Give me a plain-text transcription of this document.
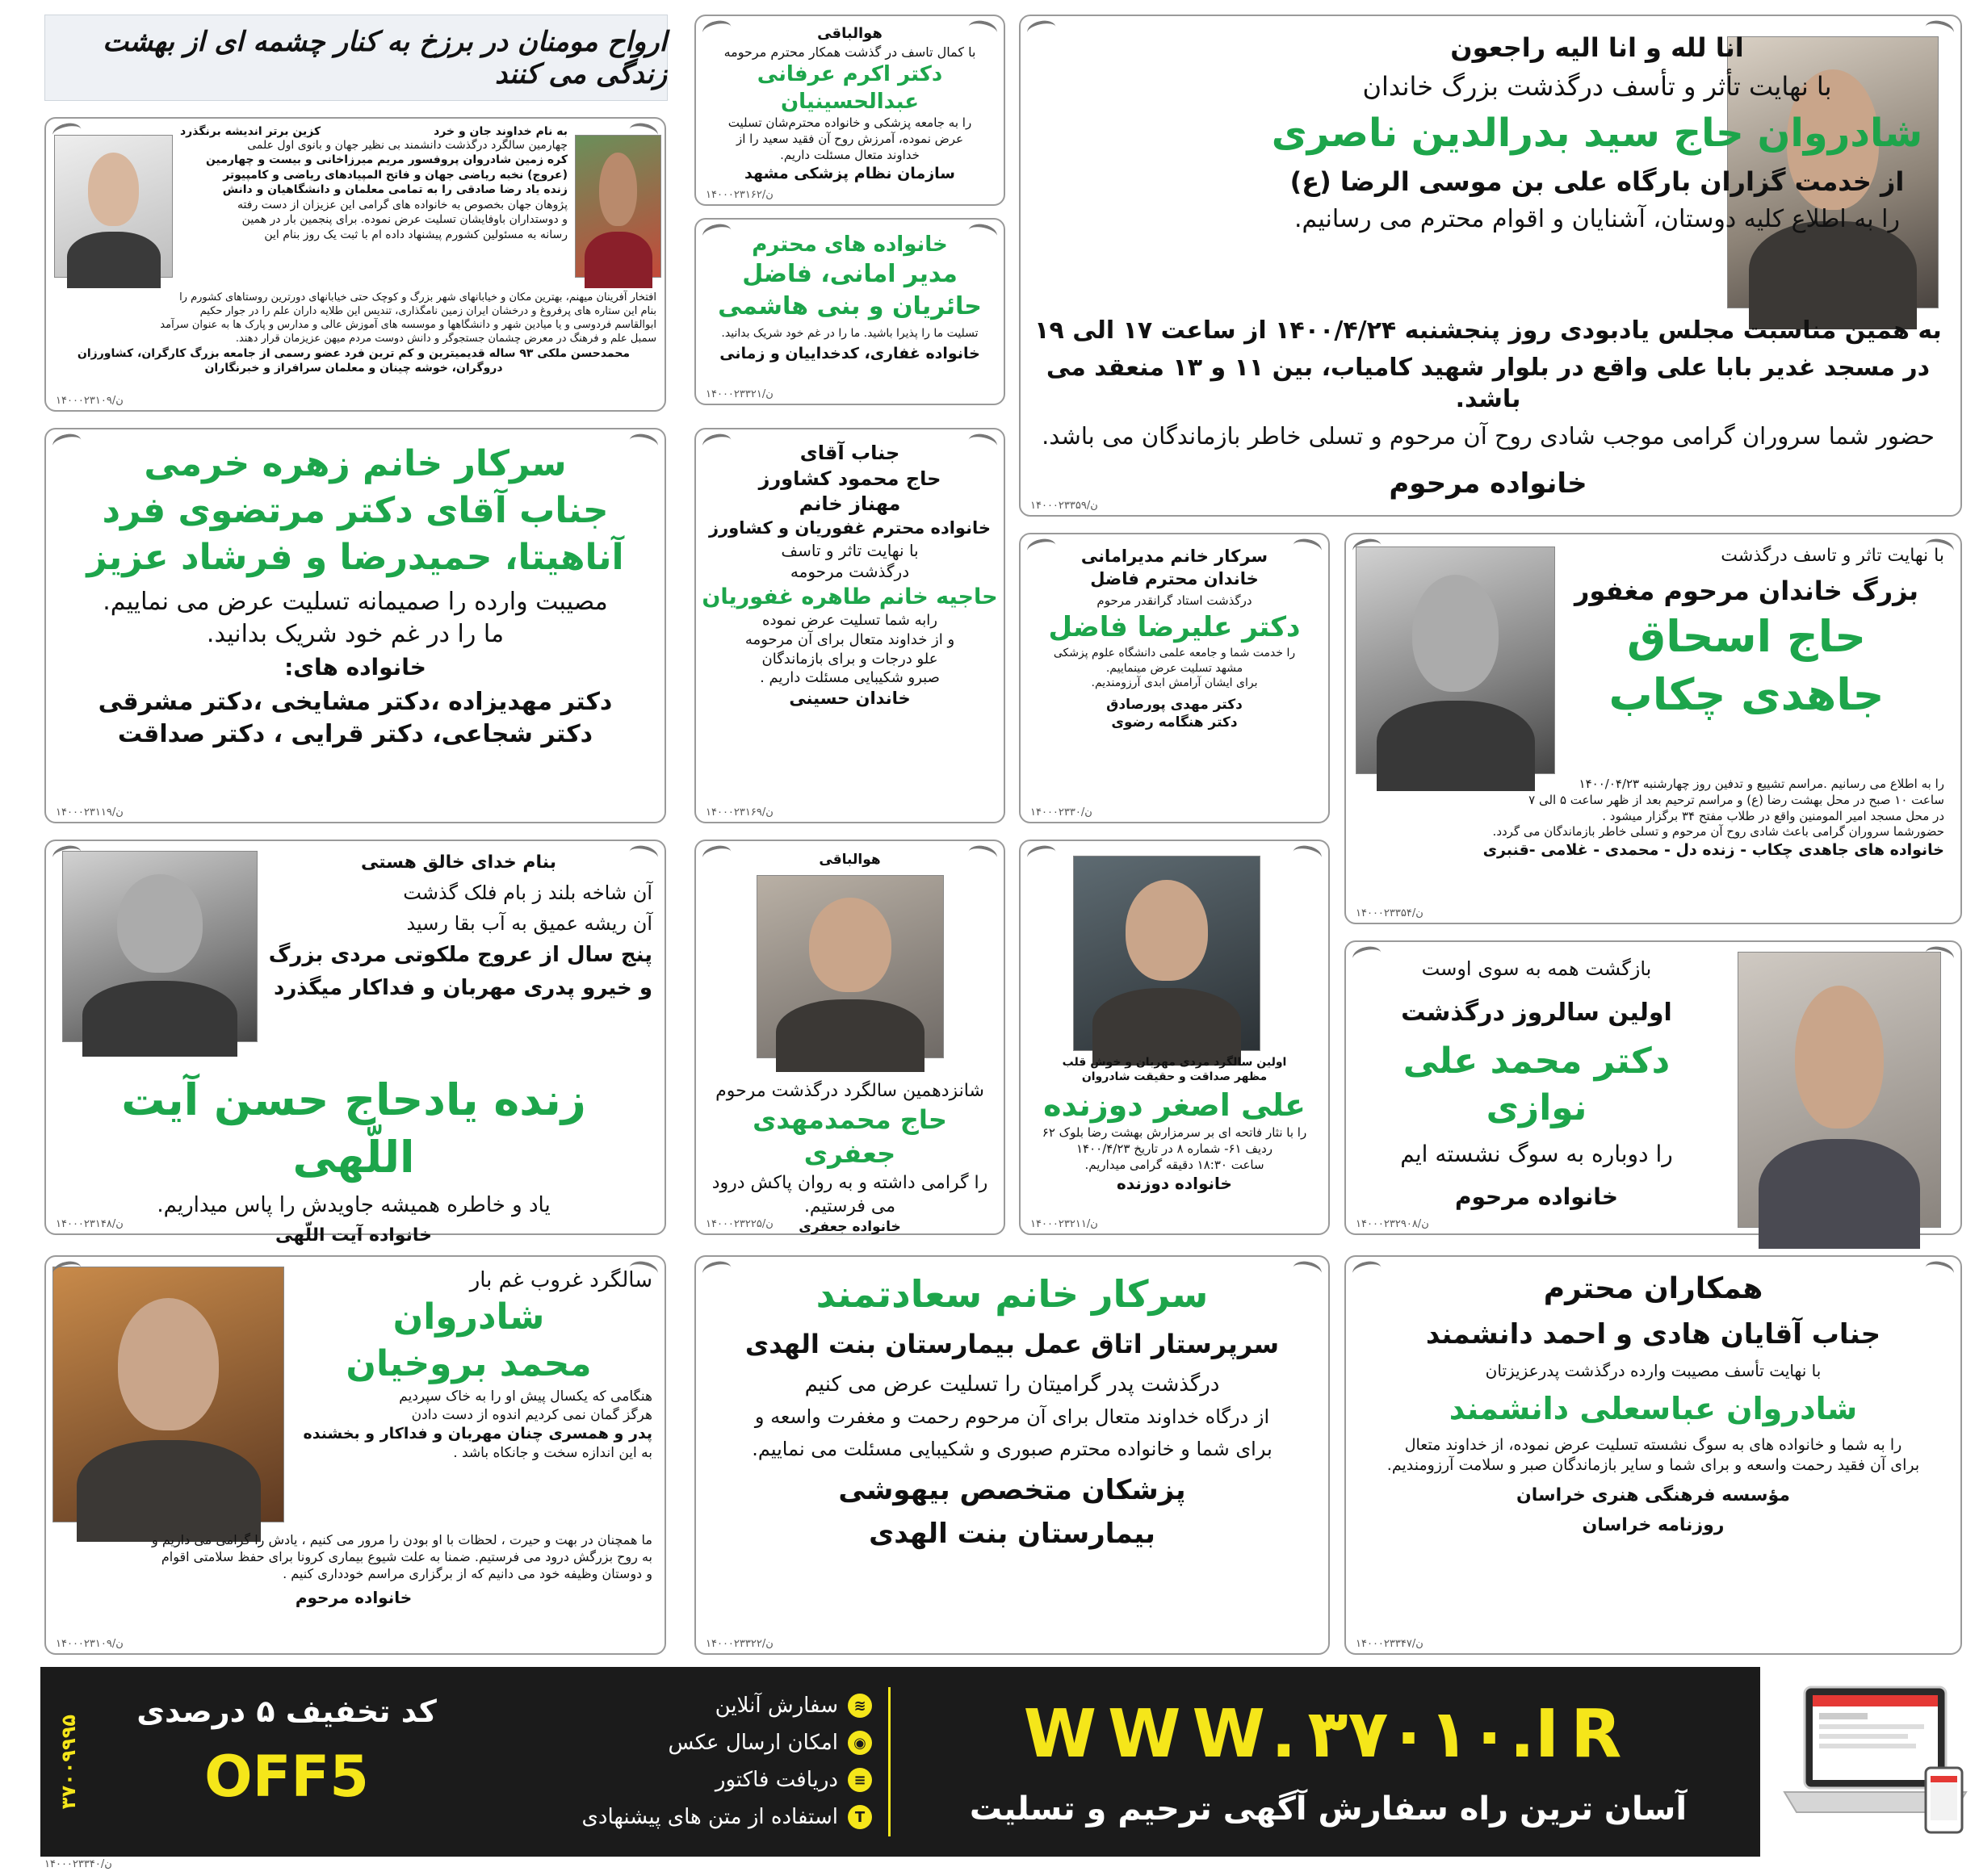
ارواح مومنان در برزخ به کنار چشمه ای از بهشت زندگی می کنند
انا لله و انا الیه راجعون
با نهایت تأثر و تأسف درگذشت بزرگ خاندان
شادروان حاج سید بدرالدین ناصری
از خدمت گزاران بارگاه علی بن موسی الرضا (ع)
را به اطلاع کلیه دوستان، آشنایان و اقوام محترم می رسانیم.
به همین مناسبت مجلس یادبودی روز پنجشنبه ۱۴۰۰/۴/۲۴ از ساعت ۱۷ الی ۱۹
در مسجد غدیر بابا علی واقع در بلوار شهید کامیاب، بین ۱۱ و ۱۳ منعقد می باشد.
حضور شما سروران گرامی موجب شادی روح آن مرحوم و تسلی خاطر بازماندگان می باشد.
خانواده مرحوم
۱۴۰۰۰۲۳۳۵۹/ن
هوالباقی
با کمال تاسف در گذشت همکار محترم مرحومه
دکتر اکرم عرفانی عبدالحسینیان
را به جامعه پزشکی و خانواده محترم‌شان تسلیت
عرض نموده، آمرزش روح آن فقید سعید را از
خداوند متعال مسئلت داریم.
سازمان نظام پزشکی مشهد
۱۴۰۰۰۲۳۱۶۲/ن
خانواده های محترم
مدیر امانی، فاضل
حائریان و بنی هاشمی
تسلیت ما را پذیرا باشید. ما را در غم خود شریک بدانید.
خانواده غفاری، کدخداییان و زمانی
۱۴۰۰۰۲۳۳۲۱/ن
به نام خداوند جان و خرد
کزین برتر اندیشه برنگذرد
چهارمین سالگرد درگذشت دانشمند بی نظیر جهان و بانوی اول علمی
کره زمین شادروان پروفسور مریم میرزاخانی و بیست و چهارمین
(عروج) نخبه ریاضی جهان و فاتح المپیادهای ریاضی و کامپیوتر
زنده یاد رضا صادقی را به تمامی معلمان و دانشگاهیان و دانش
پژوهان جهان بخصوص به خانواده های گرامی این عزیزان از دست رفته
و دوستداران باوفایشان تسلیت عرض نموده. برای پنجمین بار در همین
رسانه به مسئولین کشورم پیشنهاد داده ام با ثبت یک روز بنام این
افتخار آفرینان میهنم، بهترین مکان و خیابانهای شهر بزرگ و کوچک حتی خیابانهای دورترین روستاهای کشورم را
بنام این ستاره های پرفروغ و درخشان ایران زمین نامگذاری، تندیس این طلایه داران علم را در جوار حکیم
ابوالقاسم فردوسی و یا میادین شهر و دانشگاهها و موسسه های آموزش عالی و مدارس و پارک ها به عنوان سرآمد
سمبل علم و فرهنگ در معرض چشمان جستجوگر و دانش دوست مردم میهن عزیزمان قرار دهند.
محمدحسن ملکی ۹۳ ساله قدیمیترین و کم ترین فرد عضو رسمی از جامعه بزرگ کارگران، کشاورزان
دروگران، خوشه چینان و معلمان سرافراز و خبرنگاران
۱۴۰۰۰۲۳۱۰۹/ن
سرکار خانم زهره خرمی
جناب آقای دکتر مرتضوی فرد
آناهیتا، حمیدرضا و فرشاد عزیز
مصیبت وارده را صمیمانه تسلیت عرض می نماییم.
ما را در غم خود شریک بدانید.
خانواده های:
دکتر مهدیزاده ،دکتر مشایخی ،دکتر مشرقی
دکتر شجاعی، دکتر قرایی ، دکتر صداقت
۱۴۰۰۰۲۳۱۱۹/ن
جناب آقای
حاج محمود کشاورز
مهناز خانم
خانواده محترم غفوریان و کشاورز
با نهایت تاثر و تاسف
درگذشت مرحومه
حاجیه خانم طاهره غفوریان
رابه شما تسلیت عرض نموده
و از خداوند متعال برای آن مرحومه
علو درجات و برای بازماندگان
صبرو شکیبایی مسئلت داریم .
خاندان حسینی
۱۴۰۰۰۲۳۱۶۹/ن
سرکار خانم مدیرامانی
خاندان محترم فاضل
درگذشت استاد گرانقدر مرحوم
دکتر علیرضا فاضل
را خدمت شما و جامعه علمی دانشگاه علوم پزشکی
مشهد تسلیت عرض مینماییم.
برای ایشان آرامش ابدی آرزومندیم.
دکتر مهدی پورصادق
دکتر هنگامه رضوی
۱۴۰۰۰۲۳۳۰/ن
با نهایت تاثر و تاسف درگذشت
بزرگ خاندان مرحوم مغفور
حاج اسحاق
جاهدی چکاب
را به اطلاع می رسانیم .مراسم تشییع و تدفین روز چهارشنبه ۱۴۰۰/۰۴/۲۳
ساعت ۱۰ صبح در محل بهشت رضا (ع) و مراسم ترحیم بعد از ظهر ساعت ۵ الی ۷
در محل مسجد امیر المومنین واقع در طلاب مفتح ۳۴ برگزار میشود .
حضورشما سروران گرامی باعث شادی روح آن مرحوم و تسلی خاطر بازماندگان می گردد.
خانواده های جاهدی چکاب - زنده دل - محمدی - غلامی -قنبری
۱۴۰۰۰۲۳۳۵۴/ن
بنام خدای خالق هستی
آن شاخه بلند ز بام فلک گذشت
آن ریشه عمیق به آب بقا رسید
پنج سال از عروج ملکوتی مردی بزرگ
و خیرو پدری مهربان و فداکار میگذرد
زنده یادحاج حسن آیت اللّهی
یاد و خاطره همیشه جاویدش را پاس میداریم.
خانواده آیت اللّهی
۱۴۰۰۰۲۳۱۴۸/ن
هوالباقی
شانزدهمین سالگرد درگذشت مرحوم
حاج محمدمهدی جعفری
را گرامی داشته و به روان پاکش درود
می فرستیم.
خانواده جعفری
۱۴۰۰۰۲۳۲۲۵/ن
اولین سالگرد مردی مهربان و خوش قلب
مظهر صداقت و حقیقت شادروان
علی اصغر دوزنده
را با نثار فاتحه ای بر سرمزارش بهشت رضا بلوک ۶۲
ردیف ۶۱- شماره ۸ در تاریخ ۱۴۰۰/۴/۲۳
ساعت ۱۸:۳۰ دقیقه گرامی میداریم.
خانواده دوزنده
۱۴۰۰۰۲۳۲۱۱/ن
بازگشت همه به سوی اوست
اولین سالروز درگذشت
دکتر محمد علی نوازی
را دوباره به سوگ نشسته ایم
خانواده مرحوم
۱۴۰۰۰۲۳۲۹۰۸/ن
سالگرد غروب غم بار
شادروان
محمد بروخیان
هنگامی که یکسال پیش او را به خاک سپردیم
هرگز گمان نمی کردیم اندوه از دست دادن
پدر و همسری چنان مهربان و فداکار و بخشنده
به این اندازه سخت و جانکاه باشد .
ما همچنان در بهت و حیرت ، لحظات با او بودن را مرور می کنیم ، یادش را گرامی می داریم و
به روح بزرگش درود می فرستیم. ضمنا به علت شیوع بیماری کرونا برای حفظ سلامتی اقوام
و دوستان وظیفه خود می دانیم که از برگزاری مراسم خودداری کنیم .
خانواده مرحوم
۱۴۰۰۰۲۳۱۰۹/ن
سرکار خانم سعادتمند
سرپرستار اتاق عمل بیمارستان بنت الهدی
درگذشت پدر گرامیتان را تسلیت عرض می کنیم
از درگاه خداوند متعال برای آن مرحوم رحمت و مغفرت واسعه و
برای شما و خانواده محترم صبوری و شکیبایی مسئلت می نماییم.
پزشکان متخصص بیهوشی
بیمارستان بنت الهدی
۱۴۰۰۰۲۳۳۲۲/ن
همکاران محترم
جناب آقایان هادی و احمد دانشمند
با نهایت تأسف مصیبت وارده درگذشت پدرعزیزتان
شادروان عباسعلی دانشمند
را به شما و خانواده های به سوگ نشسته تسلیت عرض نموده، از خداوند متعال
برای آن فقید رحمت واسعه و برای شما و سایر بازماندگان صبر و سلامت آرزومندیم.
مؤسسه فرهنگی هنری خراسان
روزنامه خراسان
۱۴۰۰۰۲۳۳۴۷/ن
۳۷۰۰۹۹۹۵
کد تخفیف ۵ درصدی
OFF5
≋
سفارش آنلاین
◉
امکان ارسال عکس
≡
دریافت فاکتور
T
استفاده از متن های پیشنهادی
WWW.۳۷۰۱۰.IR
آسان ترین راه سفارش آگهی ترحیم و تسلیت
۱۴۰۰۰۲۳۳۴۰/ن
